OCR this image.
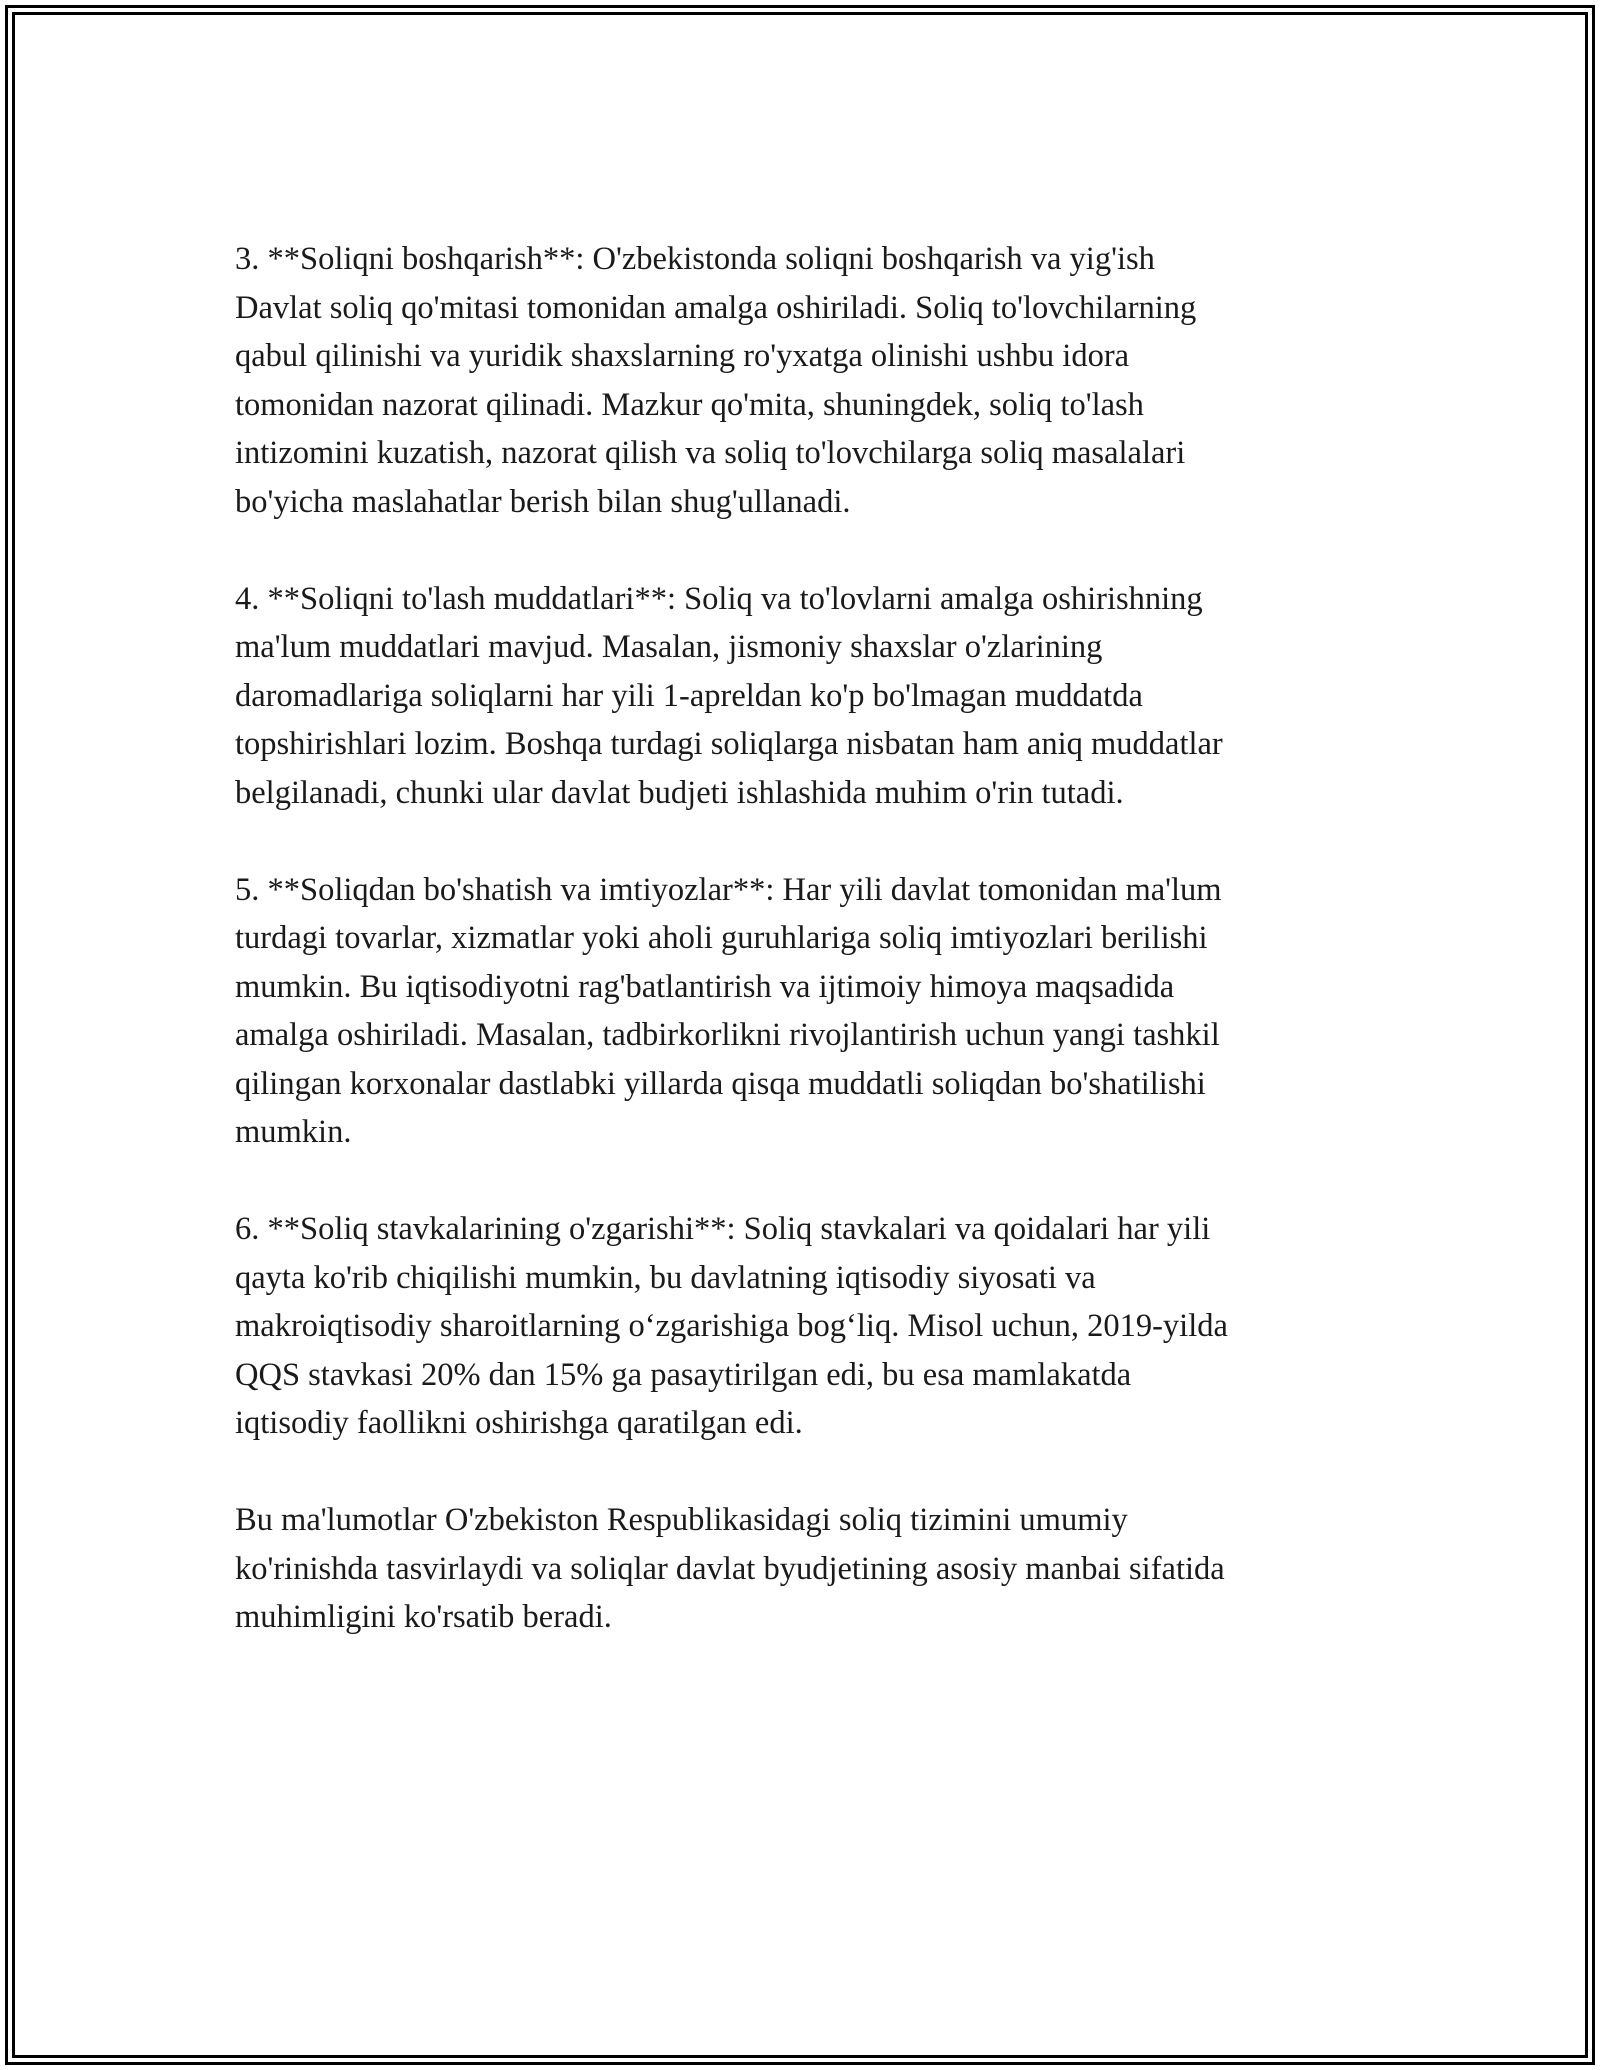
3. **Soliqni boshqarish**: O'zbekistonda soliqni boshqarish va yig'ish
Davlat soliq qo'mitasi tomonidan amalga oshiriladi. Soliq to'lovchilarning
qabul qilinishi va yuridik shaxslarning ro'yxatga olinishi ushbu idora
tomonidan nazorat qilinadi. Mazkur qo'mita, shuningdek, soliq to'lash
intizomini kuzatish, nazorat qilish va soliq to'lovchilarga soliq masalalari
bo'yicha maslahatlar berish bilan shug'ullanadi.

4. **Soliqni to'lash muddatlari**: Soliq va to'lovlarni amalga oshirishning
ma'lum muddatlari mavjud. Masalan, jismoniy shaxslar o'zlarining
daromadlariga soliqlarni har yili 1-apreldan ko'p bo'lmagan muddatda
topshirishlari lozim. Boshqa turdagi soliqlarga nisbatan ham aniq muddatlar
belgilanadi, chunki ular davlat budjeti ishlashida muhim o'rin tutadi.

5. **Soliqdan bo'shatish va imtiyozlar**: Har yili davlat tomonidan ma'lum
turdagi tovarlar, xizmatlar yoki aholi guruhlariga soliq imtiyozlari berilishi
mumkin. Bu iqtisodiyotni rag'batlantirish va ijtimoiy himoya maqsadida
amalga oshiriladi. Masalan, tadbirkorlikni rivojlantirish uchun yangi tashkil
qilingan korxonalar dastlabki yillarda qisqa muddatli soliqdan bo'shatilishi
mumkin.

6. **Soliq stavkalarining o'zgarishi**: Soliq stavkalari va qoidalari har yili
qayta ko'rib chiqilishi mumkin, bu davlatning iqtisodiy siyosati va
makroiqtisodiy sharoitlarning o‘zgarishiga bog‘liq. Misol uchun, 2019-yilda
QQS stavkasi 20% dan 15% ga pasaytirilgan edi, bu esa mamlakatda
iqtisodiy faollikni oshirishga qaratilgan edi.

Bu ma'lumotlar O'zbekiston Respublikasidagi soliq tizimini umumiy
ko'rinishda tasvirlaydi va soliqlar davlat byudjetining asosiy manbai sifatida
muhimligini ko'rsatib beradi.
